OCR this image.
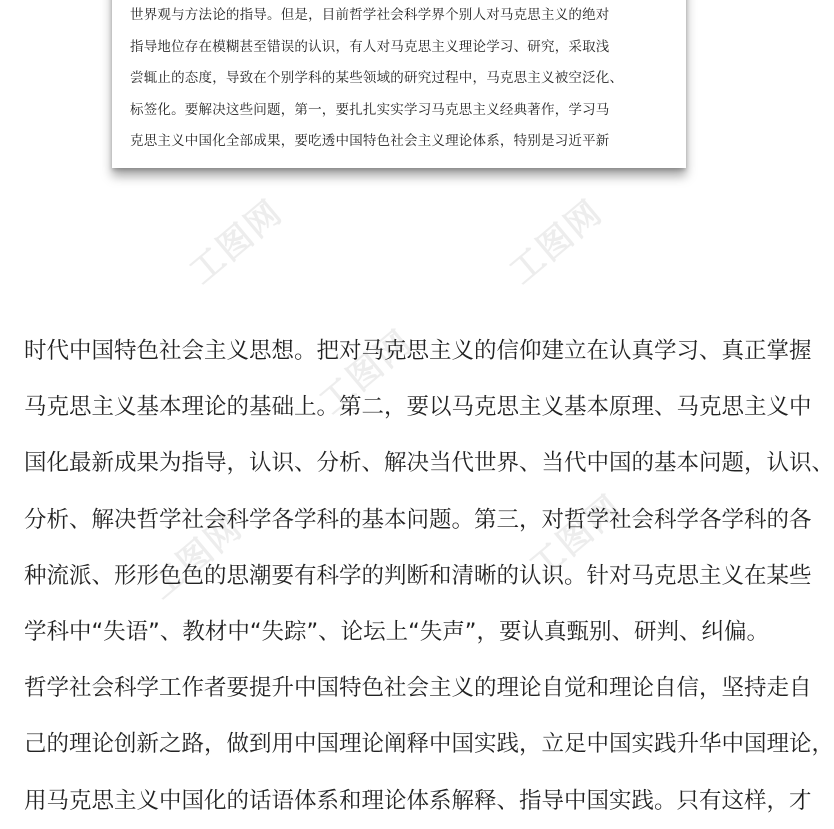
工图网	工图网
工图网
工图网	工图网
世界观与方法论的指导。但是，目前哲学社会科学界个别人对马克思主义的绝对
指导地位存在模糊甚至错误的认识，有人对马克思主义理论学习、研究，采取浅
尝辄止的态度，导致在个别学科的某些领域的研究过程中，马克思主义被空泛化、
标签化。要解决这些问题，第一，要扎扎实实学习马克思主义经典著作，学习马
克思主义中国化全部成果，要吃透中国特色社会主义理论体系，特别是习近平新
时代中国特色社会主义思想。把对马克思主义的信仰建立在认真学习、真正掌握
马克思主义基本理论的基础上。第二，要以马克思主义基本原理、马克思主义中
国化最新成果为指导，认识、分析、解决当代世界、当代中国的基本问题，认识、
分析、解决哲学社会科学各学科的基本问题。第三，对哲学社会科学各学科的各
种流派、形形色色的思潮要有科学的判断和清晰的认识。针对马克思主义在某些
学科中“失语”、教材中“失踪”、论坛上“失声”，要认真甄别、研判、纠偏。
哲学社会科学工作者要提升中国特色社会主义的理论自觉和理论自信，坚持走自
己的理论创新之路，做到用中国理论阐释中国实践，立足中国实践升华中国理论，
用马克思主义中国化的话语体系和理论体系解释、指导中国实践。只有这样，才
